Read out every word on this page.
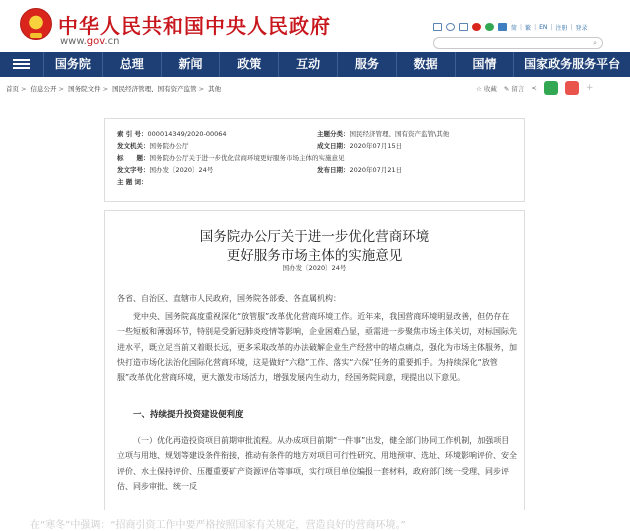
中华人民共和国中央人民政府
www.gov.cn
简 | 繁 | EN | 注册 | 登录
⌕
国务院	总理	新闻	政策	互动	服务	数据	国情	国家政务服务平台
首页 > 信息公开 > 国务院文件 > 国民经济管理、国有资产监管 > 其他	☆ 收藏 ✎ 留言 <	+
索 引 号：000014349/2020-00064	主题分类：国民经济管理、国有资产监管\其他
发文机关：国务院办公厅	成文日期：2020年07月15日
标　　题：国务院办公厅关于进一步优化营商环境更好服务市场主体的实施意见
发文字号：国办发〔2020〕24号	发布日期：2020年07月21日
主 题 词：
国务院办公厅关于进一步优化营商环境
更好服务市场主体的实施意见
国办发〔2020〕24号
各省、自治区、直辖市人民政府，国务院各部委、各直属机构：
党中央、国务院高度重视深化“放管服”改革优化营商环境工作。近年来，我国营商环境明显改善，但仍存在一些短板和薄弱环节，特别是受新冠肺炎疫情等影响，企业困难凸显，亟需进一步聚焦市场主体关切，对标国际先进水平，既立足当前又着眼长远，更多采取改革的办法破解企业生产经营中的堵点痛点，强化为市场主体服务，加快打造市场化法治化国际化营商环境，这是做好“六稳”工作、落实“六保”任务的重要抓手。为持续深化“放管服”改革优化营商环境，更大激发市场活力，增强发展内生动力，经国务院同意，现提出以下意见。
一、持续提升投资建设便利度
（一）优化再造投资项目前期审批流程。从办成项目前期“一件事”出发，健全部门协同工作机制，加强项目立项与用地、规划等建设条件衔接，推动有条件的地方对项目可行性研究、用地预审、选址、环境影响评价、安全评价、水土保持评价、压覆重要矿产资源评估等事项，实行项目单位编报一套材料，政府部门统一受理、同步评估、同步审批、统一反
在“寒冬”中强调：“招商引资工作中要严格按照国家有关规定，营造良好的营商环境。”
